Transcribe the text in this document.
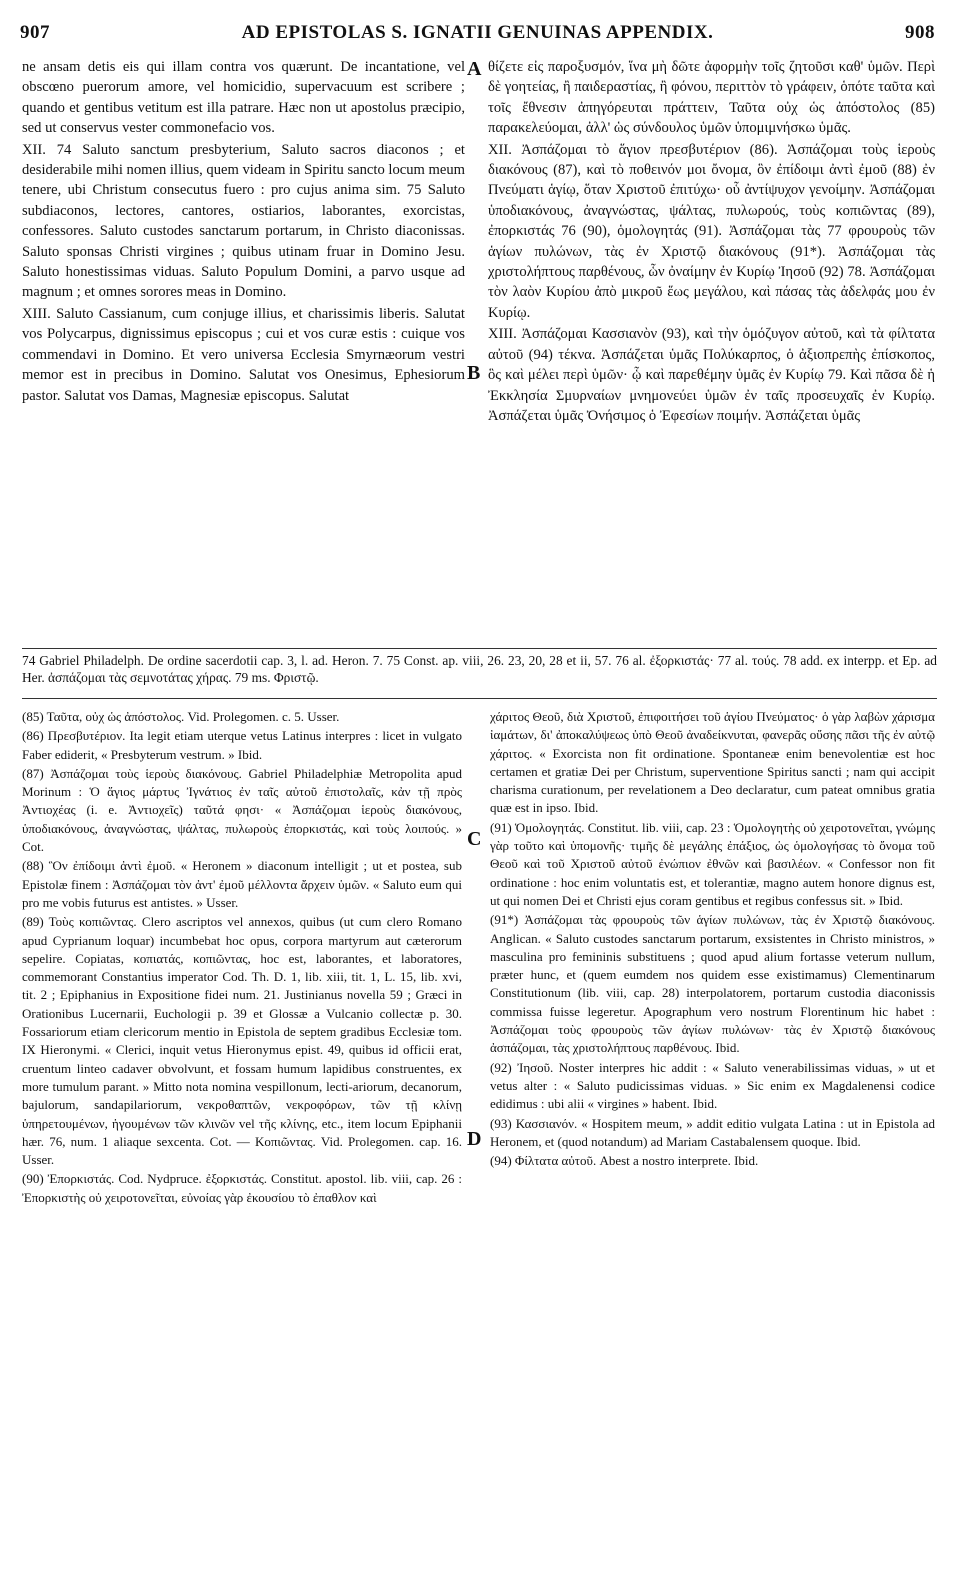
907	AD EPISTOLAS S. IGNATII GENUINAS APPENDIX.	908

ne ansam detis eis qui illam contra vos quærunt. De incantatione, vel obscœno puerorum amore, vel homicidio, supervacuum est scribere ; quando et gentibus vetitum est illa patrare. Hæc non ut apostolus præcipio, sed ut conservus vester commonefacio vos.

XII. 74 Saluto sanctum presbyterium, Saluto sacros diaconos ; et desiderabile mihi nomen illius, quem videam in Spiritu sancto locum meum tenere, ubi Christum consecutus fuero : pro cujus anima sim. 75 Saluto subdiaconos, lectores, cantores, ostiarios, laborantes, exorcistas, confessores. Saluto custodes sanctarum portarum, in Christo diaconissas. Saluto sponsas Christi virgines ; quibus utinam fruar in Domino Jesu. Saluto honestissimas viduas. Saluto Populum Domini, a parvo usque ad magnum ; et omnes sorores meas in Domino.

XIII. Saluto Cassianum, cum conjuge illius, et charissimis liberis. Salutat vos Polycarpus, dignissimus episcopus ; cui et vos curæ estis : cuique vos commendavi in Domino. Et vero universa Ecclesia Smyrnæorum vestri memor est in precibus in Domino. Salutat vos Onesimus, Ephesiorum pastor. Salutat vos Damas, Magnesiæ episcopus. Salutat

A
B

θίζετε εἰς παροξυσμόν, ἵνα μὴ δῶτε ἀφορμὴν τοῖς ζητοῦσι καθ' ὑμῶν. Περὶ δὲ γοητείας, ἢ παιδεραστίας, ἢ φόνου, περιττὸν τὸ γράφειν, ὁπότε ταῦτα καὶ τοῖς ἔθνεσιν ἀπηγόρευται πράττειν, Ταῦτα οὐχ ὡς ἀπόστολος (85) παρακελεύομαι, ἀλλ' ὡς σύνδουλος ὑμῶν ὑπομιμνήσκω ὑμᾶς.

XII. Ἀσπάζομαι τὸ ἅγιον πρεσβυτέριον (86). Ἀσπάζομαι τοὺς ἱεροὺς διακόνους (87), καὶ τὸ ποθεινόν μοι ὄνομα, ὃν ἐπίδοιμι ἀντὶ ἐμοῦ (88) ἐν Πνεύματι ἁγίῳ, ὅταν Χριστοῦ ἐπιτύχω· οὗ ἀντίψυχον γενοίμην. Ἀσπάζομαι ὑποδιακόνους, ἀναγνώστας, ψάλτας, πυλωρούς, τοὺς κοπιῶντας (89), ἐπορκιστάς 76 (90), ὁμολογητάς (91). Ἀσπάζομαι τὰς 77 φρουροὺς τῶν ἁγίων πυλώνων, τὰς ἐν Χριστῷ διακόνους (91*). Ἀσπάζομαι τὰς χριστολήπτους παρθένους, ὧν ὀναίμην ἐν Κυρίῳ Ἰησοῦ (92) 78. Ἀσπάζομαι τὸν λαὸν Κυρίου ἀπὸ μικροῦ ἕως μεγάλου, καὶ πάσας τὰς ἀδελφάς μου ἐν Κυρίῳ.

XIII. Ἀσπάζομαι Κασσιανὸν (93), καὶ τὴν ὁμόζυγον αὐτοῦ, καὶ τὰ φίλτατα αὐτοῦ (94) τέκνα. Ἀσπάζεται ὑμᾶς Πολύκαρπος, ὁ ἀξιοπρεπὴς ἐπίσκοπος, ὃς καὶ μέλει περὶ ὑμῶν· ᾧ καὶ παρεθέμην ὑμᾶς ἐν Κυρίῳ 79. Καὶ πᾶσα δὲ ἡ Ἐκκλησία Σμυρναίων μνημονεύει ὑμῶν ἐν ταῖς προσευχαῖς ἐν Κυρίῳ. Ἀσπάζεται ὑμᾶς Ὀνήσιμος ὁ Ἐφεσίων ποιμήν. Ἀσπάζεται ὑμᾶς

74 Gabriel Philadelph. De ordine sacerdotii cap. 3, l. ad. Heron. 7. 75 Const. ap. viii, 26. 23, 20, 28 et ii, 57. 76 al. ἐξορκιστάς· 77 al. τούς. 78 add. ex interpp. et Ep. ad Her. ἀσπάζομαι τὰς σεμνοτάτας χήρας. 79 ms. Φριστῷ.

(85) Ταῦτα, οὐχ ὡς ἀπόστολος. Vid. Prolegomen. c. 5. Usser.

(86) Πρεσβυτέριον. Ita legit etiam uterque vetus Latinus interpres : licet in vulgato Faber ediderit, « Presbyterum vestrum. » Ibid.

(87) Ἀσπάζομαι τοὺς ἱεροὺς διακόνους. Gabriel Philadelphiæ Metropolita apud Morinum : Ὁ ἅγιος μάρτυς Ἰγνάτιος ἐν ταῖς αὐτοῦ ἐπιστολαῖς, κἀν τῇ πρὸς Ἀντιοχέας (i. e. Ἀντιοχεῖς) ταῦτά φησι· « Ἀσπάζομαι ἱεροὺς διακόνους, ὑποδιακόνους, ἀναγνώστας, ψάλτας, πυλωροὺς ἐπορκιστάς, καὶ τοὺς λοιπούς. » Cot.

(88) Ὃν ἐπίδοιμι ἀντὶ ἐμοῦ. « Heronem » diaconum intelligit ; ut et postea, sub Epistolæ finem : Ἀσπάζομαι τὸν ἀντ' ἐμοῦ μέλλοντα ἄρχειν ὑμῶν. « Saluto eum qui pro me vobis futurus est antistes. » Usser.

(89) Τοὺς κοπιῶντας. Clero ascriptos vel annexos, quibus (ut cum clero Romano apud Cyprianum loquar) incumbebat hoc opus, corpora martyrum aut cæterorum sepelire. Copiatas, κοπιατάς, κοπιῶντας, hoc est, laborantes, et laboratores, commemorant Constantius imperator Cod. Th. D. 1, lib. xiii, tit. 1, L. 15, lib. xvi, tit. 2 ; Epiphanius in Expositione fidei num. 21. Justinianus novella 59 ; Græci in Orationibus Lucernarii, Euchologii p. 39 et Glossæ a Vulcanio collectæ p. 30. Fossariorum etiam clericorum mentio in Epistola de septem gradibus Ecclesiæ tom. IX Hieronymi. « Clerici, inquit vetus Hieronymus epist. 49, quibus id officii erat, cruentum linteo cadaver obvolvunt, et fossam humum lapidibus construentes, ex more tumulum parant. » Mitto nota nomina vespillonum, lecti-ariorum, decanorum, bajulorum, sandapilariorum, νεκροθαπτῶν, νεκροφόρων, τῶν τῇ κλίνῃ ὑπηρετουμένων, ἡγουμένων τῶν κλινῶν vel τῆς κλίνης, etc., item locum Epiphanii hær. 76, num. 1 aliaque sexcenta. Cot. — Κοπιῶντας. Vid. Prolegomen. cap. 16. Usser.

(90) Ἐπορκιστάς. Cod. Nydpruce. ἐξορκιστάς. Constitut. apostol. lib. viii, cap. 26 : Ἐπορκιστὴς οὐ χειροτονεῖται, εὐνοίας γὰρ ἐκουσίου τὸ ἐπαθλον καὶ

C
D

χάριτος Θεοῦ, διὰ Χριστοῦ, ἐπιφοιτήσει τοῦ ἁγίου Πνεύματος· ὁ γὰρ λαβὼν χάρισμα ἰαμάτων, δι' ἀποκαλύψεως ὑπὸ Θεοῦ ἀναδείκνυται, φανερᾶς οὔσης πᾶσι τῆς ἐν αὐτῷ χάριτος. « Exorcista non fit ordinatione. Spontaneæ enim benevolentiæ est hoc certamen et gratiæ Dei per Christum, superventione Spiritus sancti ; nam qui accipit charisma curationum, per revelationem a Deo declaratur, cum pateat omnibus gratia quæ est in ipso. Ibid.

(91) Ὁμολογητάς. Constitut. lib. viii, cap. 23 : Ὁμολογητὴς οὐ χειροτονεῖται, γνώμης γὰρ τοῦτο καὶ ὑπομονῆς· τιμῆς δὲ μεγάλης ἐπάξιος, ὡς ὁμολογήσας τὸ ὄνομα τοῦ Θεοῦ καὶ τοῦ Χριστοῦ αὐτοῦ ἐνώπιον ἐθνῶν καὶ βασιλέων. « Confessor non fit ordinatione : hoc enim voluntatis est, et tolerantiæ, magno autem honore dignus est, ut qui nomen Dei et Christi ejus coram gentibus et regibus confessus sit. » Ibid.

(91*) Ἀσπάζομαι τὰς φρουροὺς τῶν ἁγίων πυλώνων, τὰς ἐν Χριστῷ διακόνους. Anglican. « Saluto custodes sanctarum portarum, exsistentes in Christo ministros, » masculina pro femininis substituens ; quod apud alium fortasse veterum nullum, præter hunc, et (quem eumdem nos quidem esse existimamus) Clementinarum Constitutionum (lib. viii, cap. 28) interpolatorem, portarum custodia diaconissis commissa fuisse legeretur. Apographum vero nostrum Florentinum hic habet : Ἀσπάζομαι τοὺς φρουροὺς τῶν ἁγίων πυλώνων· τὰς ἐν Χριστῷ διακόνους ἀσπάζομαι, τὰς χριστολήπτους παρθένους. Ibid.

(92) Ἰησοῦ. Noster interpres hic addit : « Saluto venerabilissimas viduas, » ut et vetus alter : « Saluto pudicissimas viduas. » Sic enim ex Magdalenensi codice edidimus : ubi alii « virgines » habent. Ibid.

(93) Κασσιανόν. « Hospitem meum, » addit editio vulgata Latina : ut in Epistola ad Heronem, et (quod notandum) ad Mariam Castabalensem quoque. Ibid.

(94) Φίλτατα αὐτοῦ. Abest a nostro interprete. Ibid.
